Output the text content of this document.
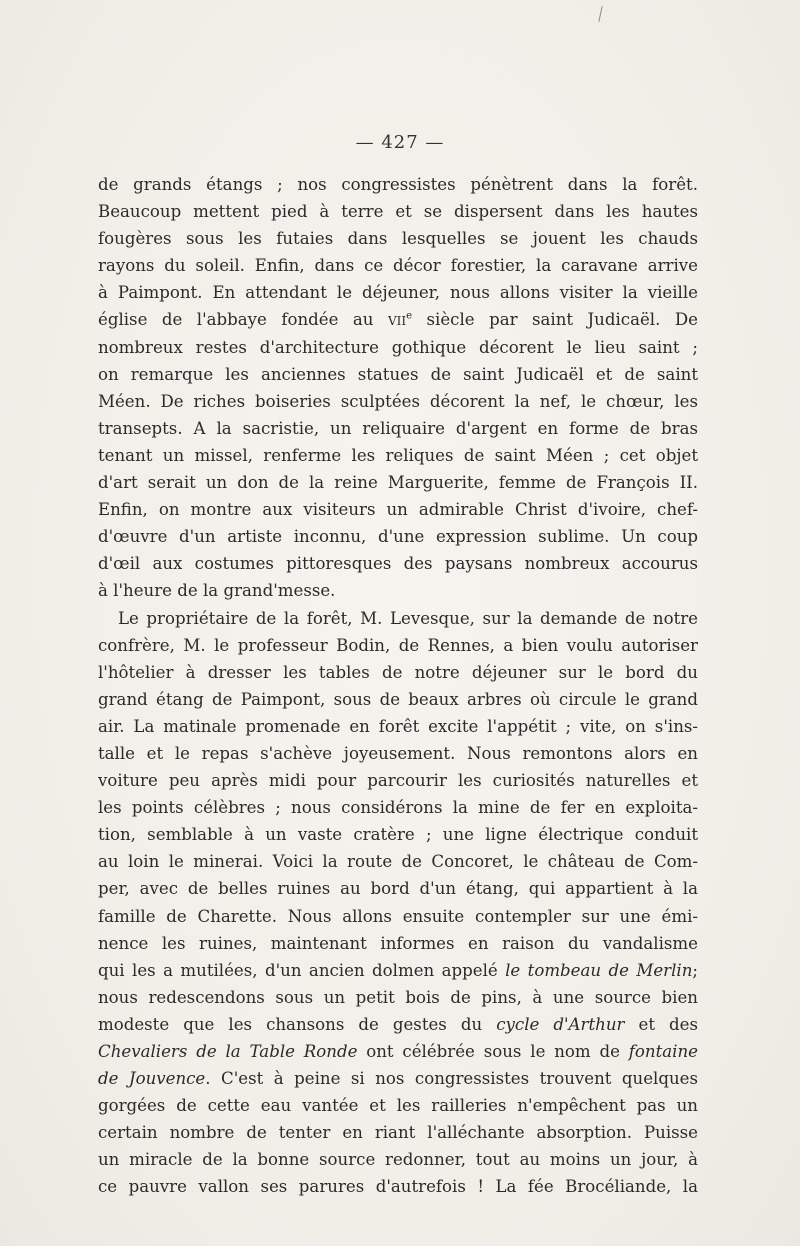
— 427 —
de grands étangs ; nos congressistes pénètrent dans la forêt.
Beaucoup mettent pied à terre et se dispersent dans les hautes
fougères sous les futaies dans lesquelles se jouent les chauds
rayons du soleil. Enfin, dans ce décor forestier, la caravane arrive
à Paimpont. En attendant le déjeuner, nous allons visiter la vieille
église de l'abbaye fondée au vii$^e$ siècle par saint Judicaël. De
nombreux restes d'architecture gothique décorent le lieu saint ;
on remarque les anciennes statues de saint Judicaël et de saint
Méen. De riches boiseries sculptées décorent la nef, le chœur, les
transepts. A la sacristie, un reliquaire d'argent en forme de bras
tenant un missel, renferme les reliques de saint Méen ; cet objet
d'art serait un don de la reine Marguerite, femme de François II.
Enfin, on montre aux visiteurs un admirable Christ d'ivoire, chef-
d'œuvre d'un artiste inconnu, d'une expression sublime. Un coup
d'œil aux costumes pittoresques des paysans nombreux accourus
à l'heure de la grand'messe.
Le propriétaire de la forêt, M. Levesque, sur la demande de notre
confrère, M. le professeur Bodin, de Rennes, a bien voulu autoriser
l'hôtelier à dresser les tables de notre déjeuner sur le bord du
grand étang de Paimpont, sous de beaux arbres où circule le grand
air. La matinale promenade en forêt excite l'appétit ; vite, on s'ins-
talle et le repas s'achève joyeusement. Nous remontons alors en
voiture peu après midi pour parcourir les curiosités naturelles et
les points célèbres ; nous considérons la mine de fer en exploita-
tion, semblable à un vaste cratère ; une ligne électrique conduit
au loin le minerai. Voici la route de Concoret, le château de Com-
per, avec de belles ruines au bord d'un étang, qui appartient à la
famille de Charette. Nous allons ensuite contempler sur une émi-
nence les ruines, maintenant informes en raison du vandalisme
qui les a mutilées, d'un ancien dolmen appelé le tombeau de Merlin;
nous redescendons sous un petit bois de pins, à une source bien
modeste que les chansons de gestes du cycle d'Arthur et des
Chevaliers de la Table Ronde ont célébrée sous le nom de fontaine
de Jouvence. C'est à peine si nos congressistes trouvent quelques
gorgées de cette eau vantée et les railleries n'empêchent pas un
certain nombre de tenter en riant l'alléchante absorption. Puisse
un miracle de la bonne source redonner, tout au moins un jour, à
ce pauvre vallon ses parures d'autrefois ! La fée Brocéliande, la
